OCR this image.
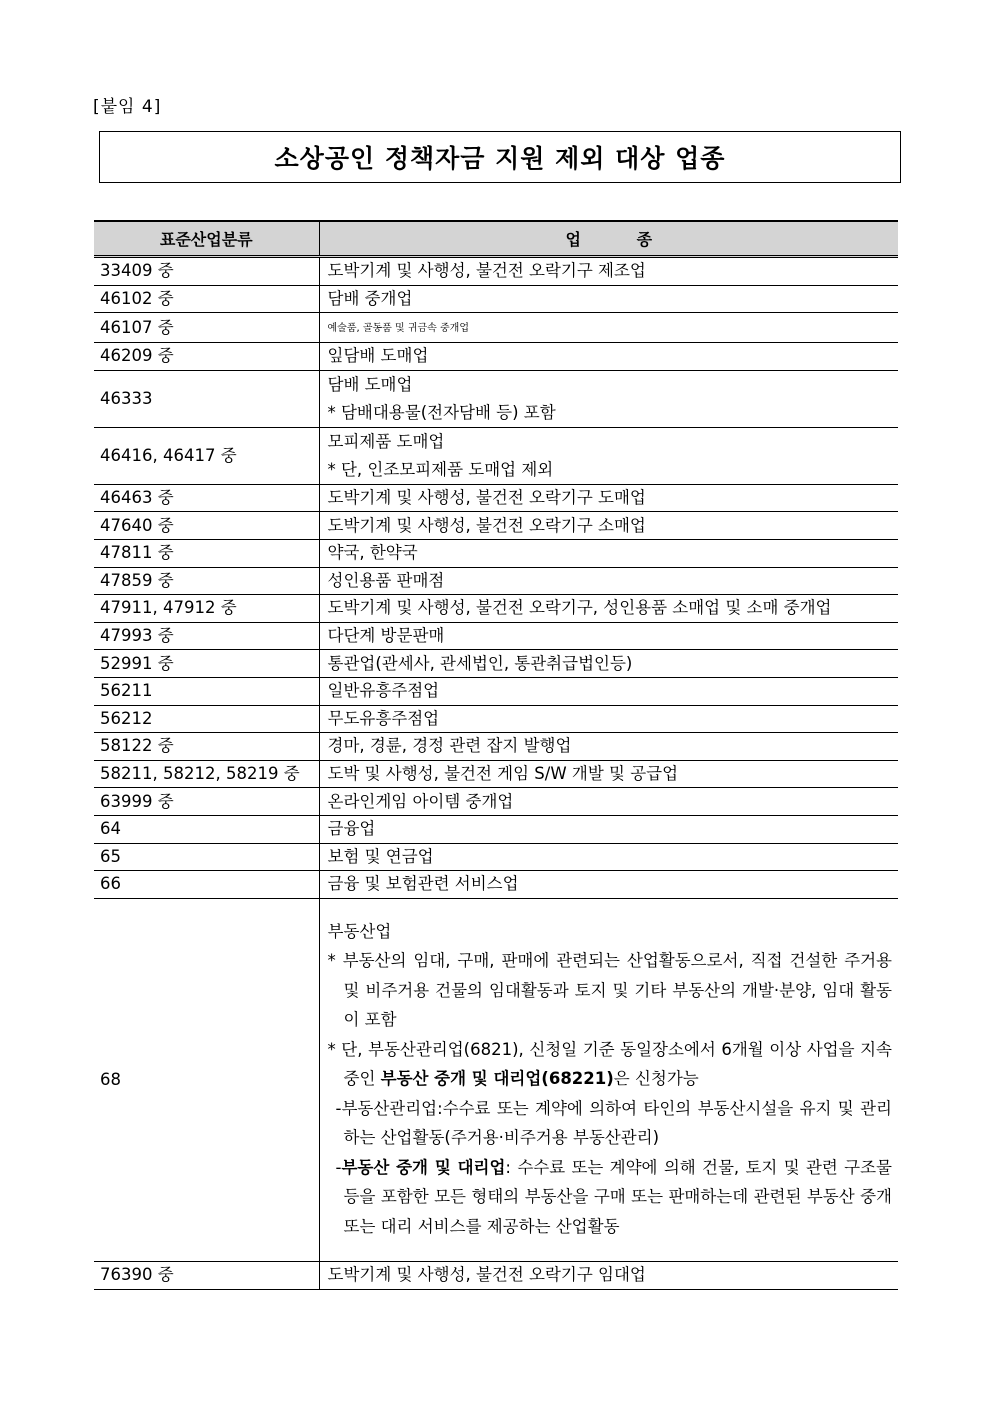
[붙임 4]
소상공인 정책자금 지원 제외 대상 업종
표준산업분류	업          종
33409 중	도박기계 및 사행성, 불건전 오락기구 제조업
46102 중	담배 중개업
46107 중	예술품, 골동품 및 귀금속 중개업
46209 중	잎담배 도매업
46333	담배 도매업
* 담배대용물(전자담배 등) 포함

46416, 46417 중	모피제품 도매업
* 단, 인조모피제품 도매업 제외

46463 중	도박기계 및 사행성, 불건전 오락기구 도매업
47640 중	도박기계 및 사행성, 불건전 오락기구 소매업
47811 중	약국, 한약국
47859 중	성인용품 판매점
47911, 47912 중	도박기계 및 사행성, 불건전 오락기구, 성인용품 소매업 및 소매 중개업
47993 중	다단계 방문판매
52991 중	통관업(관세사, 관세법인, 통관취급법인등)
56211	일반유흥주점업
56212	무도유흥주점업
58122 중	경마, 경륜, 경정 관련 잡지 발행업
58211, 58212, 58219 중	도박 및 사행성, 불건전 게임 S/W 개발 및 공급업
63999 중	온라인게임 아이템 중개업
64	금융업
65	보험 및 연금업
66	금융 및 보험관련 서비스업
68	부동산업
* 부동산의 임대, 구매, 판매에 관련되는 산업활동으로서, 직접 건설한 주거용 및 비주거용 건물의 임대활동과 토지 및 기타 부동산의 개발·분양, 임대 활동이 포함
* 단, 부동산관리업(6821), 신청일 기준 동일장소에서 6개월 이상 사업을 지속 중인 부동산 중개 및 대리업(68221)은 신청가능
-부동산관리업:수수료 또는 계약에 의하여 타인의 부동산시설을 유지 및 관리하는 산업활동(주거용·비주거용 부동산관리)
-부동산 중개 및 대리업: 수수료 또는 계약에 의해 건물, 토지 및 관련 구조물 등을 포함한 모든 형태의 부동산을 구매 또는 판매하는데 관련된 부동산 중개 또는 대리 서비스를 제공하는 산업활동

76390 중	도박기계 및 사행성, 불건전 오락기구 임대업
